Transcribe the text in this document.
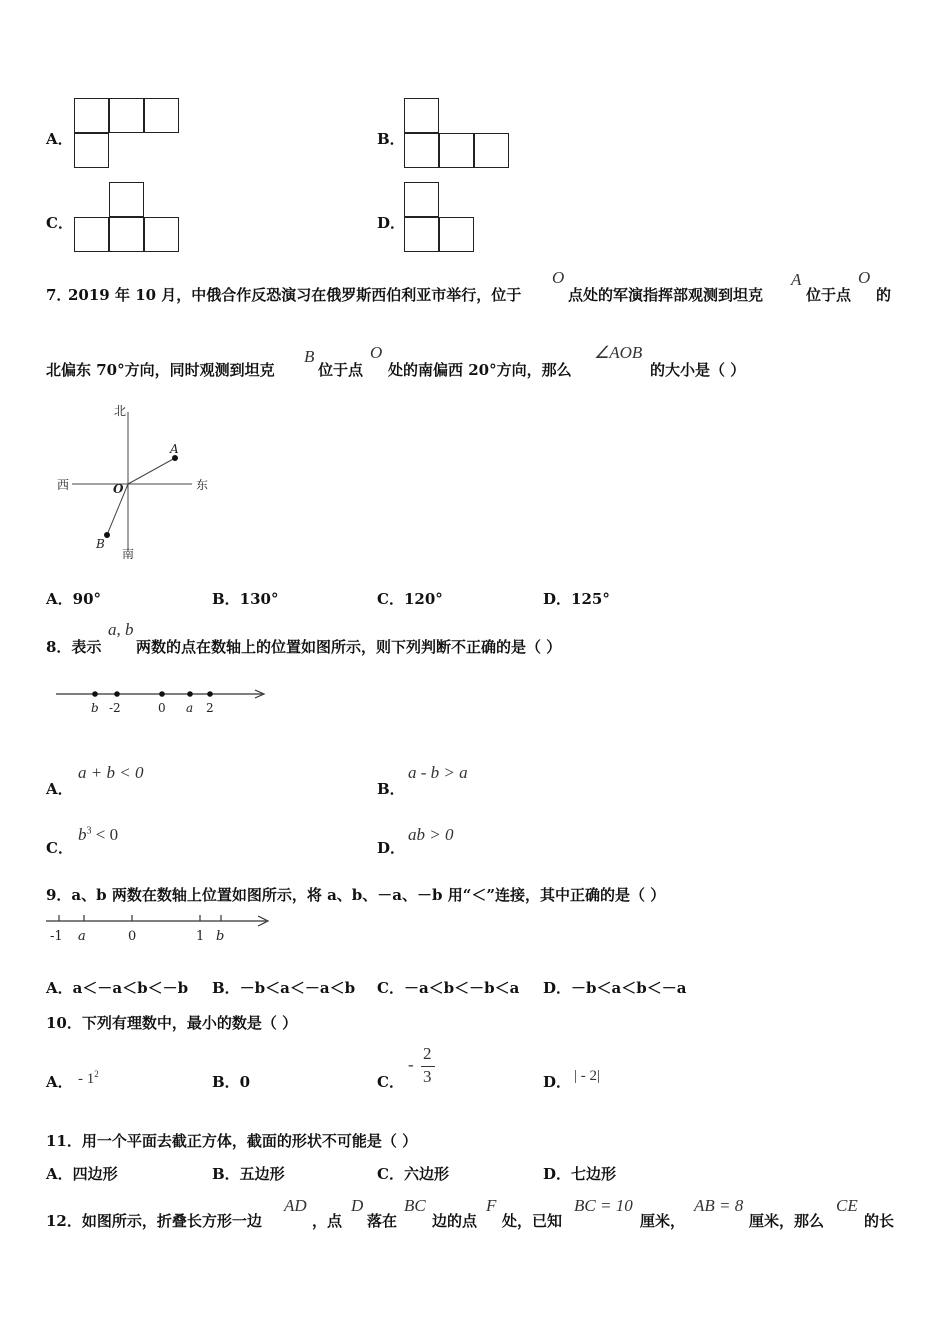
A．	B．
C．	D．
7．
2019 年 10 月，中俄合作反恐演习在俄罗斯西伯利亚市举行，位于
O
点处的军演指挥部观测到坦克
A
位于点
O
的
北偏东 70°方向，同时观测到坦克
B
位于点
O
处的南偏西 20°方向，那么
∠AOB
的大小是（ ）
北
南
东
西	O
A
B
A．90°	B．130°	C．120°	D．125°
8．表示
a, b
两数的点在数轴上的位置如图所示，则下列判断不正确的是（ ）
b -2	0 a 2
A．
a + b < 0
B．
a - b > a
C．
$b^3 < 0$
D．
ab > 0
9．a、b 两数在数轴上位置如图所示，将 a、b、－a、－b 用“＜”连接，其中正确的是（ ）
-1 a	0	1 b
A．a＜－a＜b＜－b B．－b＜a＜－a＜b C．－a＜b＜－b＜a D．－b＜a＜b＜－a
10．下列有理数中，最小的数是（ ）
A． - $1^2$	B．0	C．
-
2
3	D． | - 2|
11．用一个平面去截正方体，截面的形状不可能是（ ）
A．四边形	B．五边形	C．六边形	D．七边形
12．如图所示，折叠长方形一边
AD
，点
D
落在
BC
边的点
F
处，已知
BC = 10
厘米，
AB = 8
厘米，那么
CE
的长
